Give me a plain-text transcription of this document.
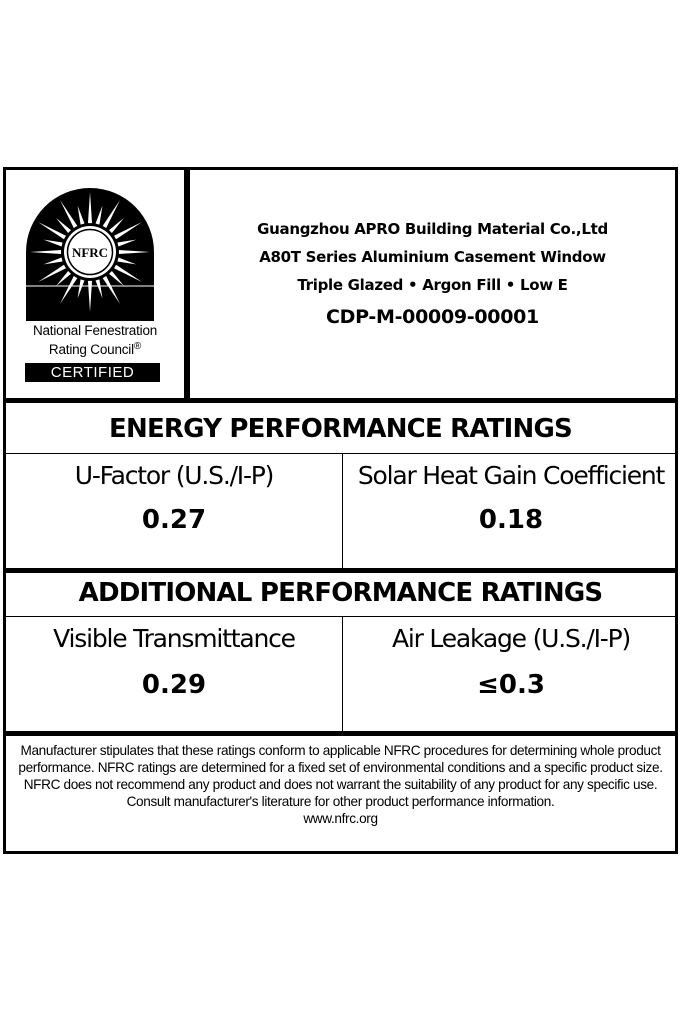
NFRC
National Fenestration
Rating Council®
CERTIFIED
Guangzhou APRO Building Material Co.,Ltd
A80T Series Aluminium Casement Window
Triple Glazed • Argon Fill • Low E
CDP-M-00009-00001
ENERGY PERFORMANCE RATINGS
U-Factor (U.S./I-P)
0.27
Solar Heat Gain Coefficient
0.18
ADDITIONAL PERFORMANCE RATINGS
Visible Transmittance
0.29
Air Leakage (U.S./I-P)
≤0.3
Manufacturer stipulates that these ratings conform to applicable NFRC procedures for determining whole product performance. NFRC ratings are determined for a fixed set of environmental conditions and a specific product size. NFRC does not recommend any product and does not warrant the suitability of any product for any specific use. Consult manufacturer's literature for other product performance information.
www.nfrc.org
